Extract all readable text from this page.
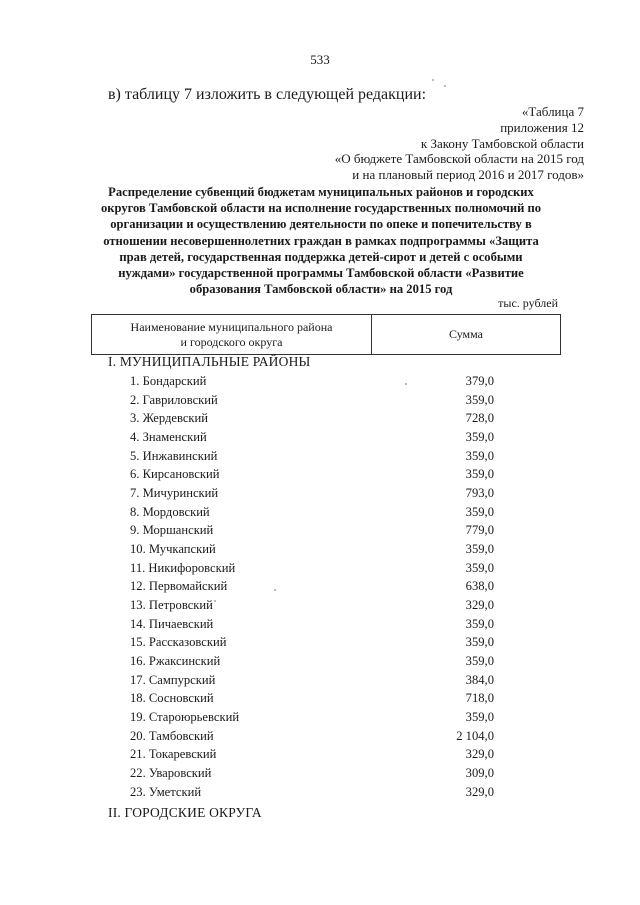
533
в) таблицу 7 изложить в следующей редакции:
«Таблица 7
приложения 12
к Закону Тамбовской области
«О бюджете Тамбовской области на 2015 год
и на плановый период 2016 и 2017 годов»
Распределение субвенций бюджетам муниципальных районов и городских
округов Тамбовской области на исполнение государственных полномочий по
организации и осуществлению деятельности по опеке и попечительству в
отношении несовершеннолетних граждан в рамках подпрограммы «Защита
прав детей, государственная поддержка детей-сирот и детей с особыми
нуждами» государственной программы Тамбовской области «Развитие
образования Тамбовской области» на 2015 год
тыс. рублей
Наименование муниципального района
и городского округа
Сумма
I. МУНИЦИПАЛЬНЫЕ РАЙОНЫ
1. Бондарский	379,0
2. Гавриловский	359,0
3. Жердевский	728,0
4. Знаменский	359,0
5. Инжавинский	359,0
6. Кирсановский	359,0
7. Мичуринский	793,0
8. Мордовский	359,0
9. Моршанский	779,0
10. Мучкапский	359,0
11. Никифоровский	359,0
12. Первомайский	638,0
13. Петровский	329,0
14. Пичаевский	359,0
15. Рассказовский	359,0
16. Ржаксинский	359,0
17. Сампурский	384,0
18. Сосновский	718,0
19. Староюрьевский	359,0
20. Тамбовский	2 104,0
21. Токаревский	329,0
22. Уваровский	309,0
23. Уметский	329,0
II. ГОРОДСКИЕ ОКРУГА
